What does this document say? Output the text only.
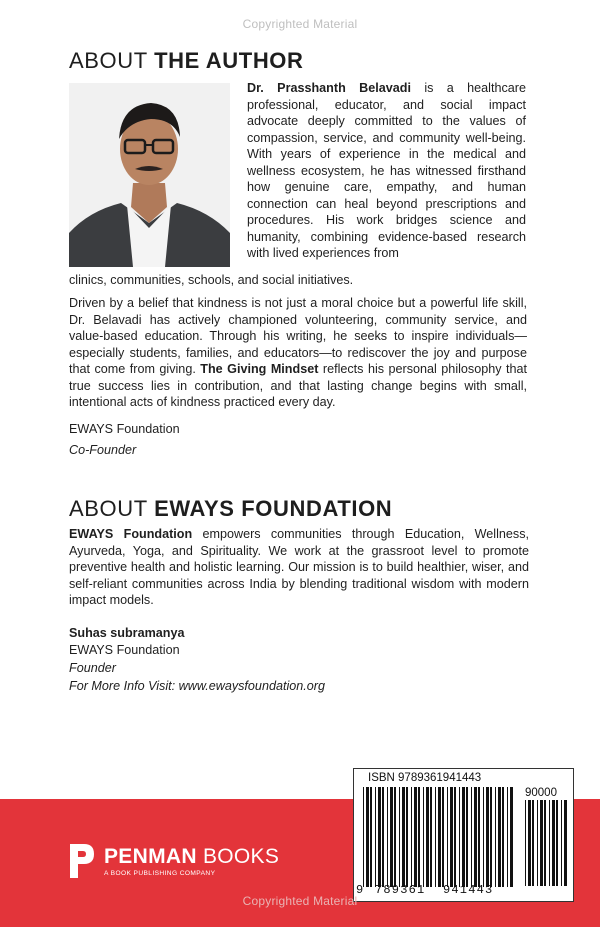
Copyrighted Material
ABOUT THE AUTHOR
Dr. Prasshanth Belavadi is a healthcare professional, educator, and social impact advocate deeply committed to the values of compassion, service, and community well-being. With years of experience in the medical and wellness ecosystem, he has witnessed firsthand how genuine care, empathy, and human connection can heal beyond prescriptions and procedures. His work bridges science and humanity, combining evidence-based research with lived experiences from
clinics, communities, schools, and social initiatives.
Driven by a belief that kindness is not just a moral choice but a powerful life skill, Dr. Belavadi has actively championed volunteering, community service, and value-based education. Through his writing, he seeks to inspire individuals—especially students, families, and educators—to rediscover the joy and purpose that come from giving. The Giving Mindset reflects his personal philosophy that true success lies in contribution, and that lasting change begins with small, intentional acts of kindness practiced every day.
EWAYS Foundation
Co-Founder
ABOUT EWAYS FOUNDATION
EWAYS Foundation empowers communities through Education, Wellness, Ayurveda, Yoga, and Spirituality. We work at the grassroot level to promote preventive health and holistic learning. Our mission is to build healthier, wiser, and self-reliant communities across India by blending traditional wisdom with modern impact models.
Suhas subramanya
EWAYS Foundation
Founder
For More Info Visit: www.ewaysfoundation.org
PENMAN BOOKS
A BOOK PUBLISHING COMPANY
ISBN 9789361941443
90000
9 789361 941443
Copyrighted Material
